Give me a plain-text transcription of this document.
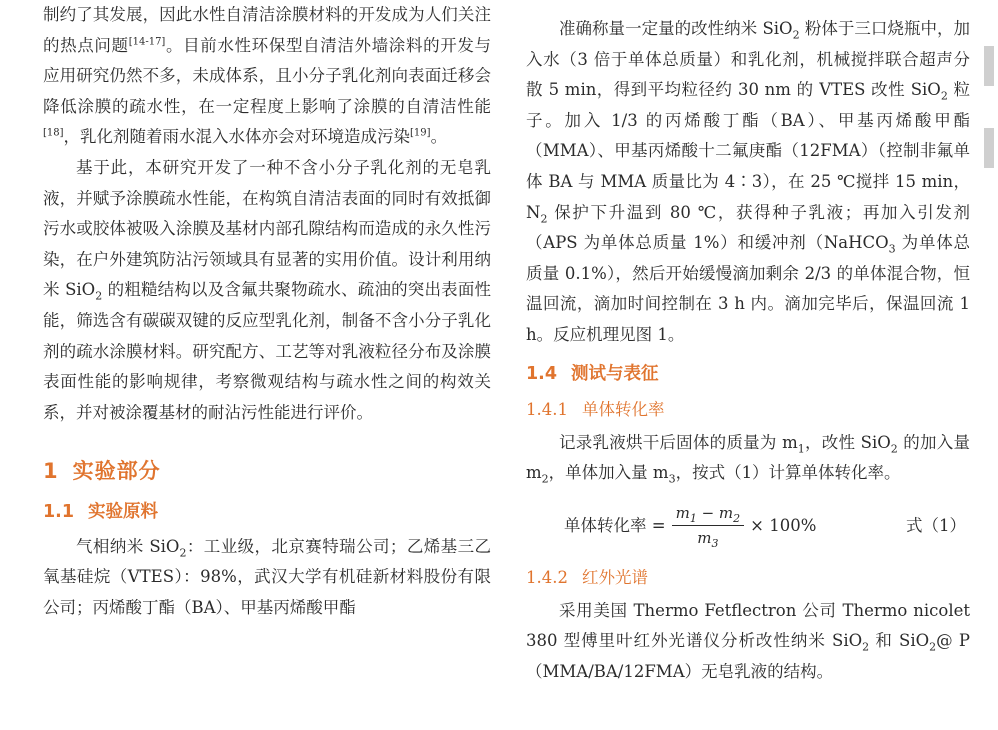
制约了其发展，因此水性自清洁涂膜材料的开发成为人们关注的热点问题[14-17]。目前水性环保型自清洁外墙涂料的开发与应用研究仍然不多，未成体系，且小分子乳化剂向表面迁移会降低涂膜的疏水性，在一定程度上影响了涂膜的自清洁性能[18]，乳化剂随着雨水混入水体亦会对环境造成污染[19]。

基于此，本研究开发了一种不含小分子乳化剂的无皂乳液，并赋予涂膜疏水性能，在构筑自清洁表面的同时有效抵御污水或胶体被吸入涂膜及基材内部孔隙结构而造成的永久性污染，在户外建筑防沾污领域具有显著的实用价值。设计利用纳米 SiO$_2$ 的粗糙结构以及含氟共聚物疏水、疏油的突出表面性能，筛选含有碳碳双键的反应型乳化剂，制备不含小分子乳化剂的疏水涂膜材料。研究配方、工艺等对乳液粒径分布及涂膜表面性能的影响规律，考察微观结构与疏水性之间的构效关系，并对被涂覆基材的耐沾污性能进行评价。

1 实验部分
1.1 实验原料

气相纳米 SiO$_2$：工业级，北京赛特瑞公司；乙烯基三乙氧基硅烷（VTES）：98%，武汉大学有机硅新材料股份有限公司；丙烯酸丁酯（BA）、甲基丙烯酸甲酯

准确称量一定量的改性纳米 SiO$_2$ 粉体于三口烧瓶中，加入水（3 倍于单体总质量）和乳化剂，机械搅拌联合超声分散 5 min，得到平均粒径约 30 nm 的 VTES 改性 SiO$_2$ 粒子。加入 1/3 的丙烯酸丁酯（BA）、甲基丙烯酸甲酯（MMA）、甲基丙烯酸十二氟庚酯（12FMA）（控制非氟单体 BA 与 MMA 质量比为 4∶3），在 25 ℃搅拌 15 min，$N_2$ 保护下升温到 80 ℃，获得种子乳液；再加入引发剂（APS 为单体总质量 1%）和缓冲剂（NaHCO$_3$ 为单体总质量 0.1%），然后开始缓慢滴加剩余 2/3 的单体混合物，恒温回流，滴加时间控制在 3 h 内。滴加完毕后，保温回流 1 h。反应机理见图 1。

1.4 测试与表征
1.4.1 单体转化率

记录乳液烘干后固体的质量为 $m_1$，改性 SiO$_2$ 的加入量 $m_2$，单体加入量 $m_3$，按式（1）计算单体转化率。

单体转化率 = $\frac{m_1 - m_2}{m_3} \times 100\%$	式（1）
1.4.2 红外光谱

采用美国 Thermo Fetflectron 公司 Thermo nicolet 380 型傅里叶红外光谱仪分析改性纳米 SiO$_2$ 和 SiO$_2$@ P（MMA/BA/12FMA）无皂乳液的结构。
